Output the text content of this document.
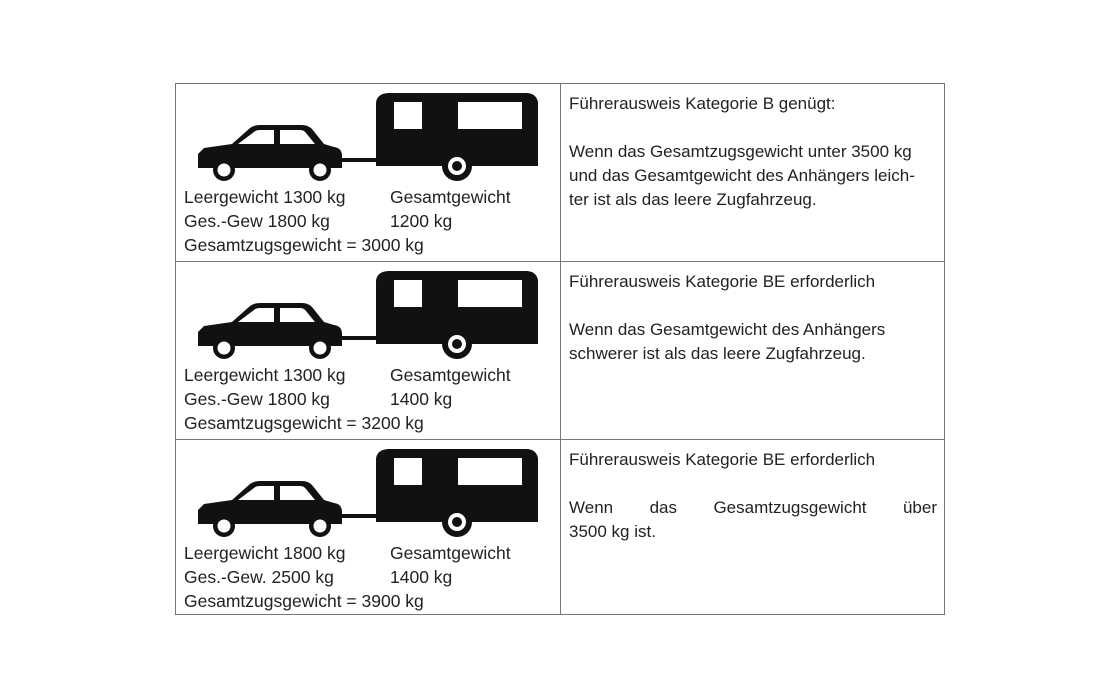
Leergewicht 1300 kg	Gesamtgewicht
Ges.-Gew 1800 kg	1200 kg
Gesamtzugsgewicht = 3000 kg

Führerausweis Kategorie B genügt:

Wenn das Gesamtzugsgewicht unter 3500 kg
und das Gesamtgewicht des Anhängers leich-
ter ist als das leere Zugfahrzeug.
Leergewicht 1300 kg	Gesamtgewicht
Ges.-Gew 1800 kg	1400 kg
Gesamtzugsgewicht = 3200 kg

Führerausweis Kategorie BE erforderlich

Wenn das Gesamtgewicht des Anhängers
schwerer ist als das leere Zugfahrzeug.
Leergewicht 1800 kg	Gesamtgewicht
Ges.-Gew. 2500 kg	1400 kg
Gesamtzugsgewicht = 3900 kg

Führerausweis Kategorie BE erforderlich

Wenn das Gesamtzugsgewicht über
3500 kg ist.
